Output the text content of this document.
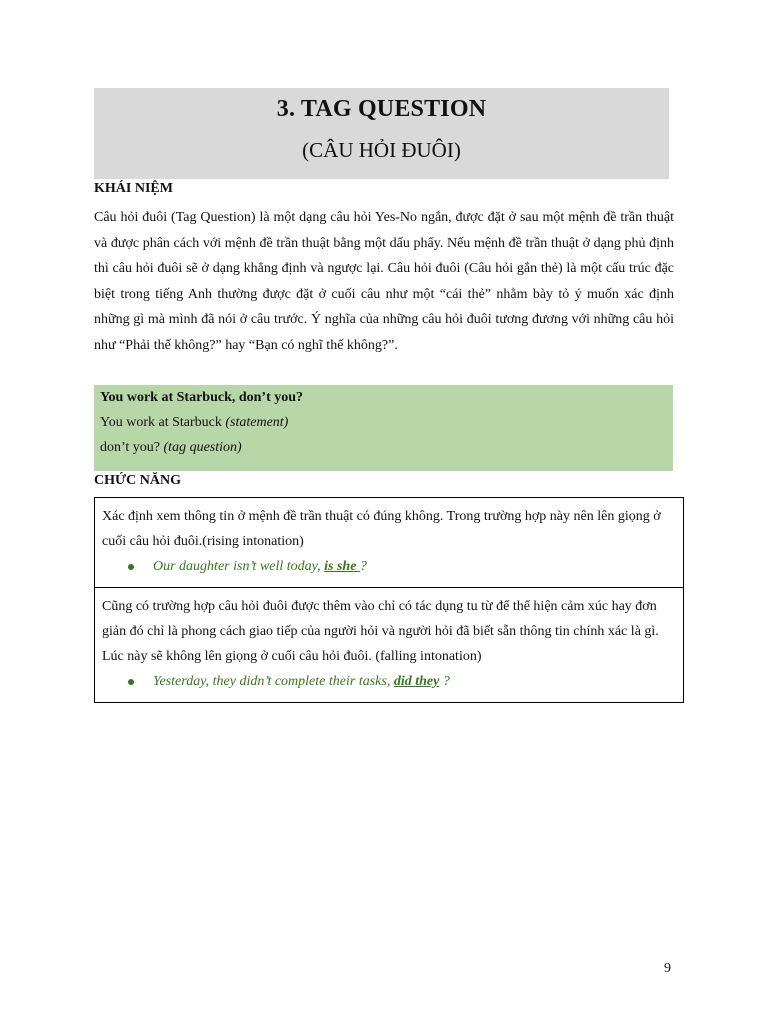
3. TAG QUESTION
(CÂU HỎI ĐUÔI)
KHÁI NIỆM

Câu hỏi đuôi (Tag Question) là một dạng câu hỏi Yes-No ngắn, được đặt ở sau một mệnh đề trần thuật và được phân cách với mệnh đề trần thuật bằng một dấu phẩy. Nếu mệnh đề trần thuật ở dạng phủ định thì câu hỏi đuôi sẽ ở dạng khẳng định và ngược lại. Câu hỏi đuôi (Câu hỏi gắn thẻ) là một cấu trúc đặc biệt trong tiếng Anh thường được đặt ở cuối câu như một “cái thẻ” nhằm bày tỏ ý muốn xác định những gì mà mình đã nói ở câu trước. Ý nghĩa của những câu hỏi đuôi tương đương với những câu hỏi như “Phải thế không?” hay “Bạn có nghĩ thế không?”.

You work at Starbuck, don’t you?
You work at Starbuck (statement)
don’t you? (tag question)
CHỨC NĂNG
Xác định xem thông tin ở mệnh đề trần thuật có đúng không. Trong trường hợp này nên lên giọng ở cuối câu hỏi đuôi.(rising intonation)
Our daughter isn’t well today, is she ?

Cũng có trường hợp câu hỏi đuôi được thêm vào chỉ có tác dụng tu từ để thể hiện cảm xúc hay đơn giản đó chỉ là phong cách giao tiếp của người hỏi và người hỏi đã biết sẵn thông tin chính xác là gì. Lúc này sẽ không lên giọng ở cuối câu hỏi đuôi. (falling intonation)
Yesterday, they didn’t complete their tasks, did they ?
9
